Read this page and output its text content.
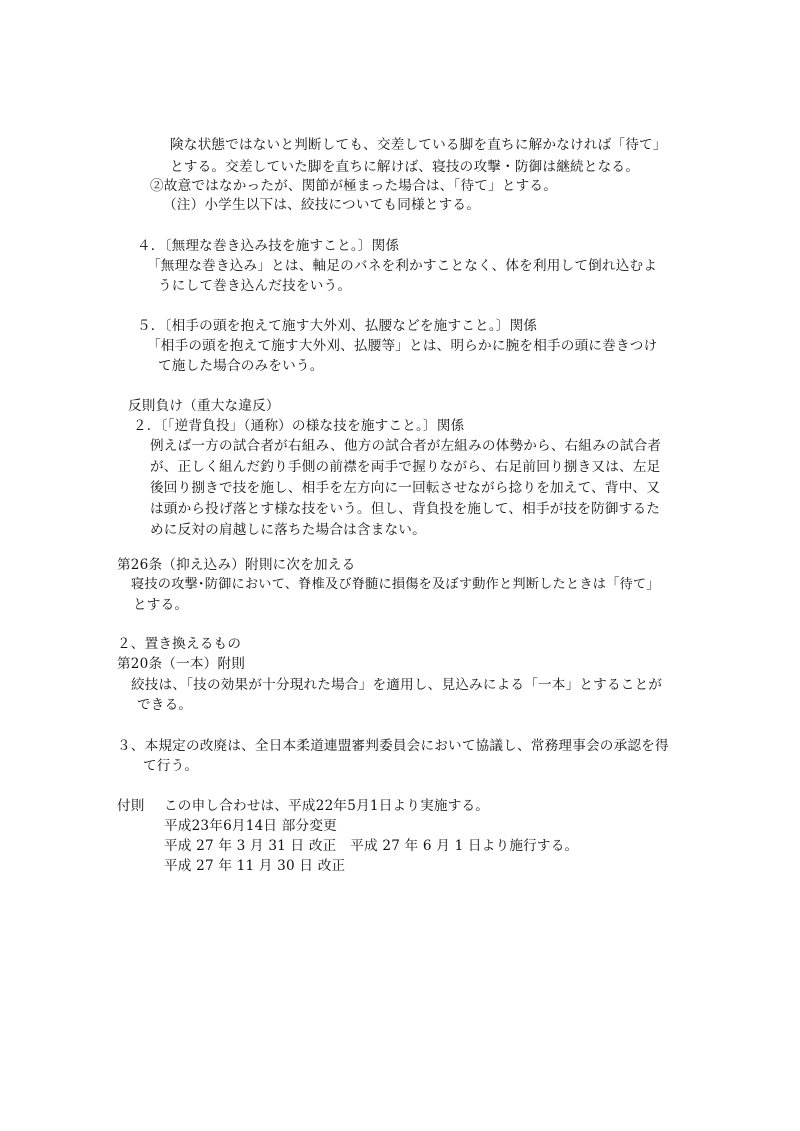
険な状態ではないと判断しても、交差している脚を直ちに解かなければ「待て」
とする。交差していた脚を直ちに解けば、寝技の攻撃・防御は継続となる。
②故意ではなかったが、関節が極まった場合は、「待て」とする。
（注）小学生以下は、絞技についても同様とする。
４．〔無理な巻き込み技を施すこと。〕関係
「無理な巻き込み」とは、軸足のバネを利かすことなく、体を利用して倒れ込むよ
うにして巻き込んだ技をいう。
５．〔相手の頭を抱えて施す大外刈、払腰などを施すこと。〕関係
「相手の頭を抱えて施す大外刈、払腰等」とは、明らかに腕を相手の頭に巻きつけ
て施した場合のみをいう。
反則負け（重大な違反）
２．〔「逆背負投」（通称）の様な技を施すこと。〕関係
例えば一方の試合者が右組み、他方の試合者が左組みの体勢から、右組みの試合者
が、正しく組んだ釣り手側の前襟を両手で握りながら、右足前回り捌き又は、左足
後回り捌きで技を施し、相手を左方向に一回転させながら捻りを加えて、背中、又
は頭から投げ落とす様な技をいう。但し、背負投を施して、相手が技を防御するた
めに反対の肩越しに落ちた場合は含まない。
第26条（抑え込み）附則に次を加える
寝技の攻撃･防御において、脊椎及び脊髄に損傷を及ぼす動作と判断したときは「待て」
とする。
２、置き換えるもの
第20条（一本）附則
絞技は、「技の効果が十分現れた場合」を適用し、見込みによる「一本」とすることが
できる。
３、本規定の改廃は、全日本柔道連盟審判委員会において協議し、常務理事会の承認を得
て行う。
付則 この申し合わせは、平成22年5月1日より実施する。
平成23年6月14日 部分変更
平成 27 年 3 月 31 日 改正　平成 27 年 6 月 1 日より施行する。
平成 27 年 11 月 30 日 改正
